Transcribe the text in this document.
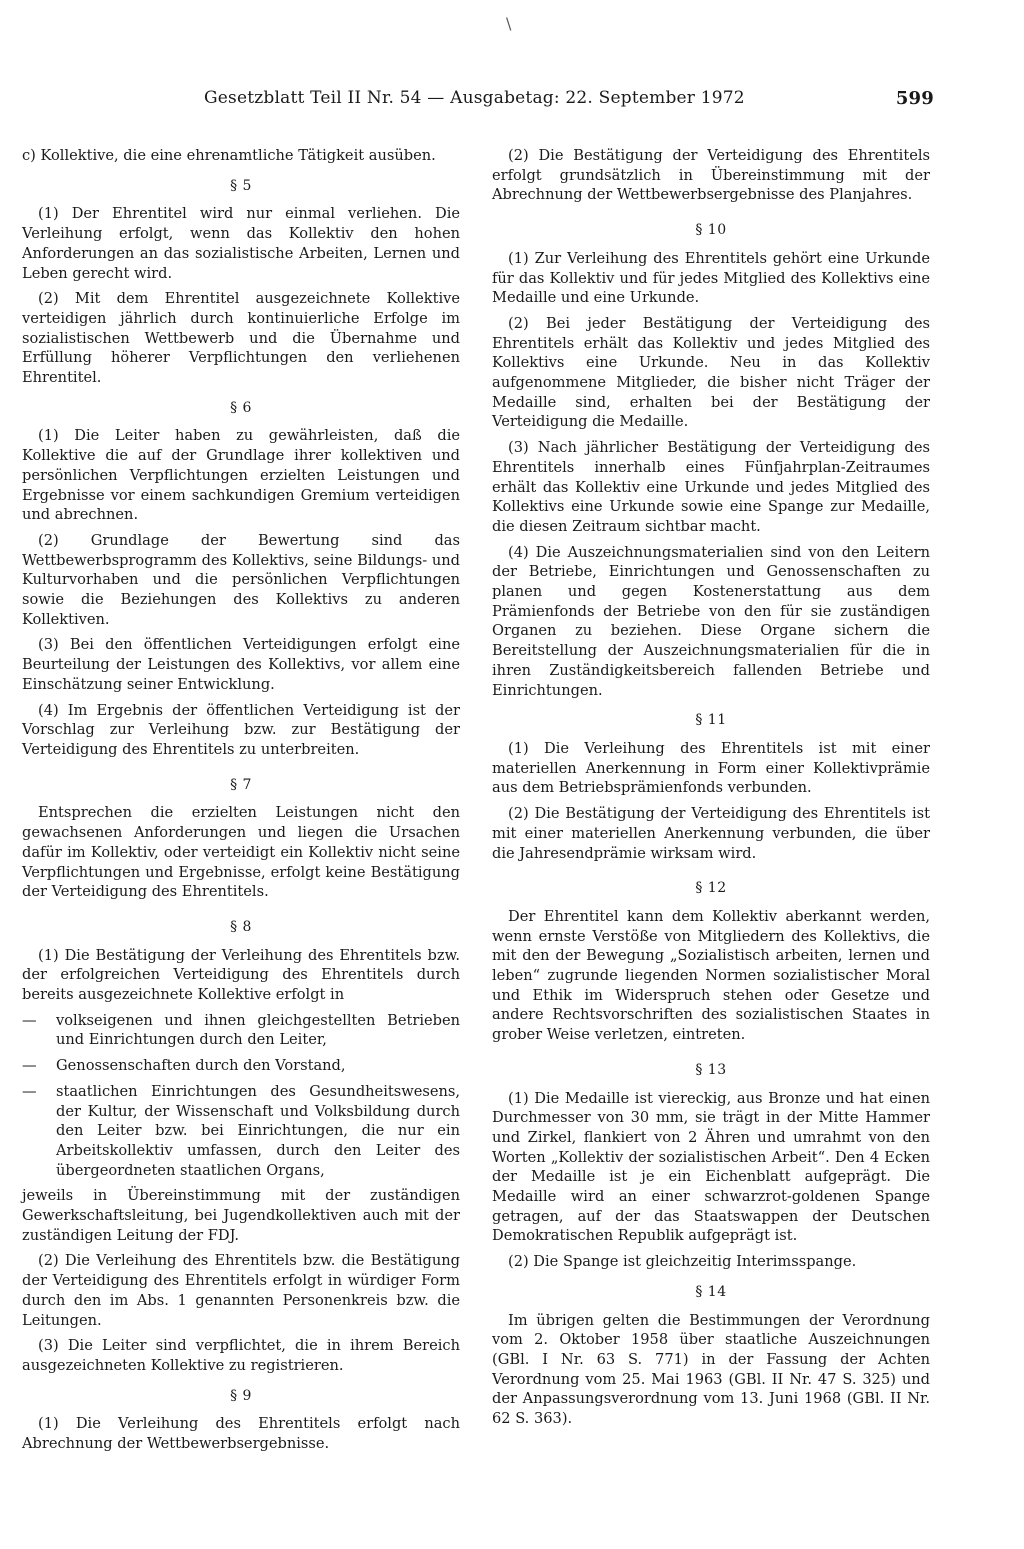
\
Gesetzblatt Teil II Nr. 54 — Ausgabetag: 22. September 1972	599

c) Kollektive, die eine ehrenamtliche Tätigkeit ausüben.

§ 5

(1) Der Ehrentitel wird nur einmal verliehen. Die Verleihung erfolgt, wenn das Kollektiv den hohen Anforderungen an das sozialistische Arbeiten, Lernen und Leben gerecht wird.

(2) Mit dem Ehrentitel ausgezeichnete Kollektive verteidigen jährlich durch kontinuierliche Erfolge im sozialistischen Wettbewerb und die Übernahme und Erfüllung höherer Verpflichtungen den verliehenen Ehrentitel.

§ 6

(1) Die Leiter haben zu gewährleisten, daß die Kollektive die auf der Grundlage ihrer kollektiven und persönlichen Verpflichtungen erzielten Leistungen und Ergebnisse vor einem sachkundigen Gremium verteidigen und abrechnen.

(2) Grundlage der Bewertung sind das Wettbewerbsprogramm des Kollektivs, seine Bildungs- und Kulturvorhaben und die persönlichen Verpflichtungen sowie die Beziehungen des Kollektivs zu anderen Kollektiven.

(3) Bei den öffentlichen Verteidigungen erfolgt eine Beurteilung der Leistungen des Kollektivs, vor allem eine Einschätzung seiner Entwicklung.

(4) Im Ergebnis der öffentlichen Verteidigung ist der Vorschlag zur Verleihung bzw. zur Bestätigung der Verteidigung des Ehrentitels zu unterbreiten.

§ 7

Entsprechen die erzielten Leistungen nicht den gewachsenen Anforderungen und liegen die Ursachen dafür im Kollektiv, oder verteidigt ein Kollektiv nicht seine Verpflichtungen und Ergebnisse, erfolgt keine Bestätigung der Verteidigung des Ehrentitels.

§ 8

(1) Die Bestätigung der Verleihung des Ehrentitels bzw. der erfolgreichen Verteidigung des Ehrentitels durch bereits ausgezeichnete Kollektive erfolgt in

—	volkseigenen und ihnen gleichgestellten Betrieben und Einrichtungen durch den Leiter,
—	Genossenschaften durch den Vorstand,
—	staatlichen Einrichtungen des Gesundheitswesens, der Kultur, der Wissenschaft und Volksbildung durch den Leiter bzw. bei Einrichtungen, die nur ein Arbeitskollektiv umfassen, durch den Leiter des übergeordneten staatlichen Organs,

jeweils in Übereinstimmung mit der zuständigen Gewerkschaftsleitung, bei Jugendkollektiven auch mit der zuständigen Leitung der FDJ.

(2) Die Verleihung des Ehrentitels bzw. die Bestätigung der Verteidigung des Ehrentitels erfolgt in würdiger Form durch den im Abs. 1 genannten Personenkreis bzw. die Leitungen.

(3) Die Leiter sind verpflichtet, die in ihrem Bereich ausgezeichneten Kollektive zu registrieren.

§ 9

(1) Die Verleihung des Ehrentitels erfolgt nach Abrechnung der Wettbewerbsergebnisse.

(2) Die Bestätigung der Verteidigung des Ehrentitels erfolgt grundsätzlich in Übereinstimmung mit der Abrechnung der Wettbewerbsergebnisse des Planjahres.

§ 10

(1) Zur Verleihung des Ehrentitels gehört eine Urkunde für das Kollektiv und für jedes Mitglied des Kollektivs eine Medaille und eine Urkunde.

(2) Bei jeder Bestätigung der Verteidigung des Ehrentitels erhält das Kollektiv und jedes Mitglied des Kollektivs eine Urkunde. Neu in das Kollektiv aufgenommene Mitglieder, die bisher nicht Träger der Medaille sind, erhalten bei der Bestätigung der Verteidigung die Medaille.

(3) Nach jährlicher Bestätigung der Verteidigung des Ehrentitels innerhalb eines Fünfjahrplan-Zeitraumes erhält das Kollektiv eine Urkunde und jedes Mitglied des Kollektivs eine Urkunde sowie eine Spange zur Medaille, die diesen Zeitraum sichtbar macht.

(4) Die Auszeichnungsmaterialien sind von den Leitern der Betriebe, Einrichtungen und Genossenschaften zu planen und gegen Kostenerstattung aus dem Prämienfonds der Betriebe von den für sie zuständigen Organen zu beziehen. Diese Organe sichern die Bereitstellung der Auszeichnungsmaterialien für die in ihren Zuständigkeitsbereich fallenden Betriebe und Einrichtungen.

§ 11

(1) Die Verleihung des Ehrentitels ist mit einer materiellen Anerkennung in Form einer Kollektivprämie aus dem Betriebsprämienfonds verbunden.

(2) Die Bestätigung der Verteidigung des Ehrentitels ist mit einer materiellen Anerkennung verbunden, die über die Jahresendprämie wirksam wird.

§ 12

Der Ehrentitel kann dem Kollektiv aberkannt werden, wenn ernste Verstöße von Mitgliedern des Kollektivs, die mit den der Bewegung „Sozialistisch arbeiten, lernen und leben“ zugrunde liegenden Normen sozialistischer Moral und Ethik im Widerspruch stehen oder Gesetze und andere Rechtsvorschriften des sozialistischen Staates in grober Weise verletzen, eintreten.

§ 13

(1) Die Medaille ist viereckig, aus Bronze und hat einen Durchmesser von 30 mm, sie trägt in der Mitte Hammer und Zirkel, flankiert von 2 Ähren und umrahmt von den Worten „Kollektiv der sozialistischen Arbeit“. Den 4 Ecken der Medaille ist je ein Eichenblatt aufgeprägt. Die Medaille wird an einer schwarzrot-goldenen Spange getragen, auf der das Staatswappen der Deutschen Demokratischen Republik aufgeprägt ist.

(2) Die Spange ist gleichzeitig Interimsspange.

§ 14

Im übrigen gelten die Bestimmungen der Verordnung vom 2. Oktober 1958 über staatliche Auszeichnungen (GBl. I Nr. 63 S. 771) in der Fassung der Achten Verordnung vom 25. Mai 1963 (GBl. II Nr. 47 S. 325) und der Anpassungsverordnung vom 13. Juni 1968 (GBl. II Nr. 62 S. 363).
